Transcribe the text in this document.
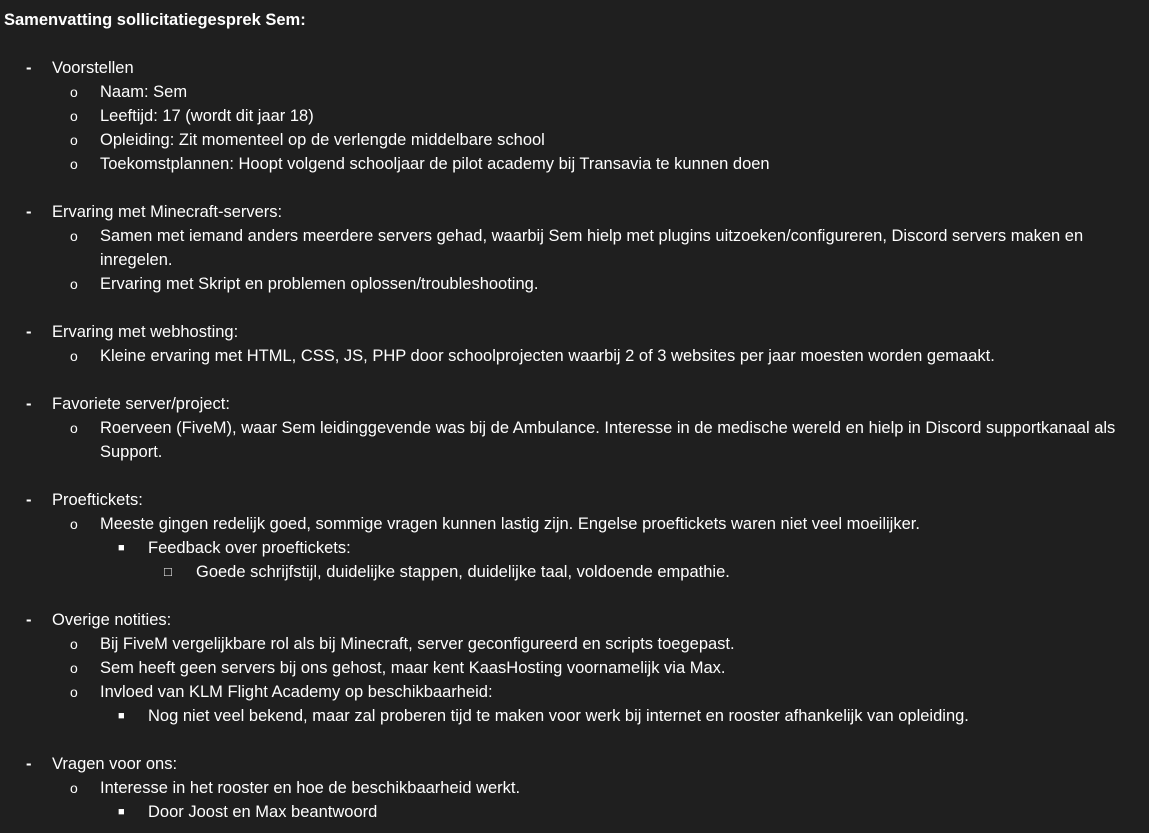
Samenvatting sollicitatiegesprek Sem:
- Voorstellen
o Naam: Sem
o Leeftijd: 17 (wordt dit jaar 18)
o Opleiding: Zit momenteel op de verlengde middelbare school
o Toekomstplannen: Hoopt volgend schooljaar de pilot academy bij Transavia te kunnen doen
- Ervaring met Minecraft-servers:
o Samen met iemand anders meerdere servers gehad, waarbij Sem hielp met plugins uitzoeken/configureren, Discord servers maken en inregelen.
o Ervaring met Skript en problemen oplossen/troubleshooting.
- Ervaring met webhosting:
o Kleine ervaring met HTML, CSS, JS, PHP door schoolprojecten waarbij 2 of 3 websites per jaar moesten worden gemaakt.
- Favoriete server/project:
o Roerveen (FiveM), waar Sem leidinggevende was bij de Ambulance. Interesse in de medische wereld en hielp in Discord supportkanaal als Support.
- Proeftickets:
o Meeste gingen redelijk goed, sommige vragen kunnen lastig zijn. Engelse proeftickets waren niet veel moeilijker.
■ Feedback over proeftickets:
□ Goede schrijfstijl, duidelijke stappen, duidelijke taal, voldoende empathie.
- Overige notities:
o Bij FiveM vergelijkbare rol als bij Minecraft, server geconfigureerd en scripts toegepast.
o Sem heeft geen servers bij ons gehost, maar kent KaasHosting voornamelijk via Max.
o Invloed van KLM Flight Academy op beschikbaarheid:
■ Nog niet veel bekend, maar zal proberen tijd te maken voor werk bij internet en rooster afhankelijk van opleiding.
- Vragen voor ons:
o Interesse in het rooster en hoe de beschikbaarheid werkt.
■ Door Joost en Max beantwoord
